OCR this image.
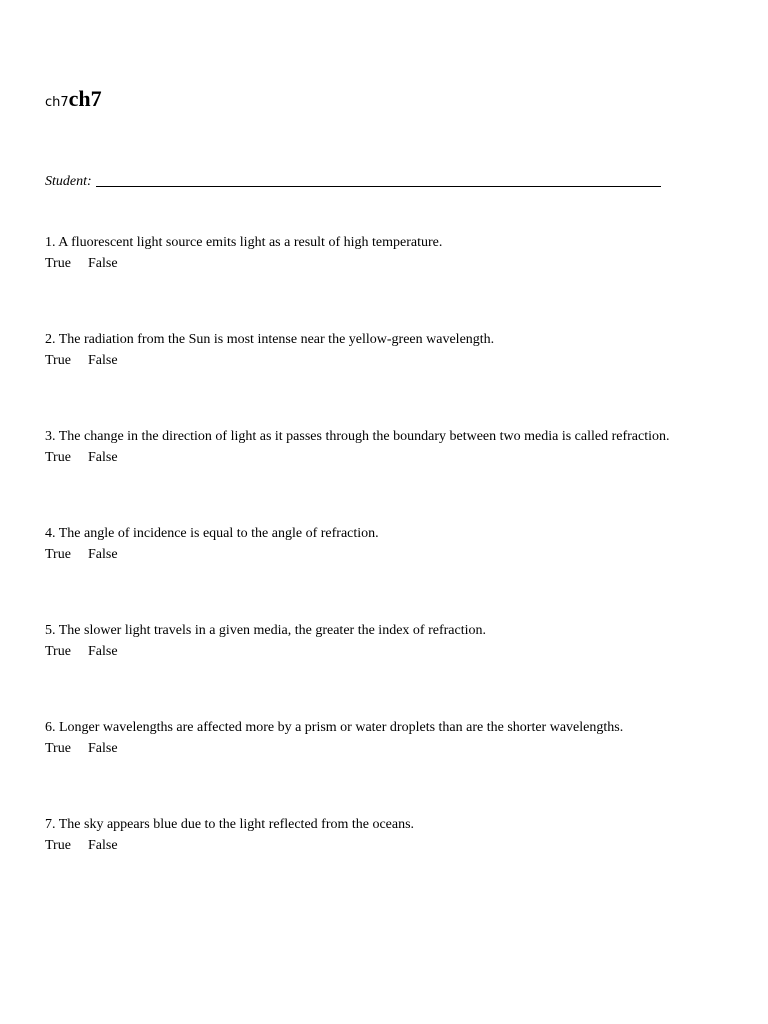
ch7ch7
Student:
1. A fluorescent light source emits light as a result of high temperature.
True False
2. The radiation from the Sun is most intense near the yellow-green wavelength.
True False
3. The change in the direction of light as it passes through the boundary between two media is called refraction.
True False
4. The angle of incidence is equal to the angle of refraction.
True False
5. The slower light travels in a given media, the greater the index of refraction.
True False
6. Longer wavelengths are affected more by a prism or water droplets than are the shorter wavelengths.
True False
7. The sky appears blue due to the light reflected from the oceans.
True False
